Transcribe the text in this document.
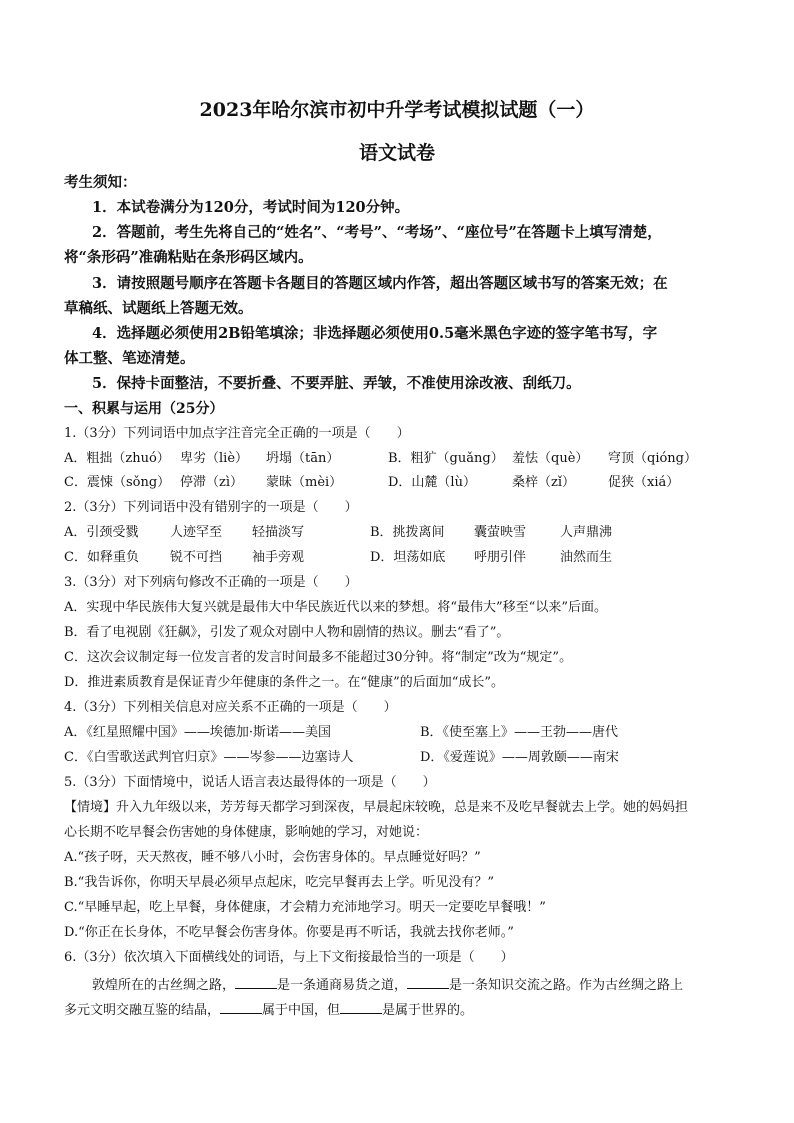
2023年哈尔滨市初中升学考试模拟试题（一）
语文试卷
考生须知：
1．本试卷满分为120分，考试时间为120分钟。
2．答题前，考生先将自己的“姓名”、“考号”、“考场”、“座位号”在答题卡上填写清楚，
将“条形码”准确粘贴在条形码区域内。
3．请按照题号顺序在答题卡各题目的答题区域内作答，超出答题区域书写的答案无效；在
草稿纸、试题纸上答题无效。
4．选择题必须使用2B铅笔填涂；非选择题必须使用0.5毫米黑色字迹的签字笔书写，字
体工整、笔迹清楚。
5．保持卡面整洁，不要折叠、不要弄脏、弄皱，不准使用涂改液、刮纸刀。
一、积累与运用（25分）
1.（3分）下列词语中加点字注音完全正确的一项是（　　）
A．粗拙（zhuó） 卑劣（liè） 坍塌（tān）	B．粗犷（guǎng） 羞怯（què） 穹顶（qióng）
C．震悚（sǒng） 停滞（zì） 蒙昧（mèi）	D．山麓（lù）	桑梓（zǐ）	促狭（xiá）
2.（3分）下列词语中没有错别字的一项是（　　）
A．引颈受戮 人迹罕至 轻描淡写	B．挑拨离间 囊萤映雪	人声鼎沸
C．如释重负 锐不可挡 袖手旁观	D．坦荡如底 呼朋引伴	油然而生
3.（3分）对下列病句修改不正确的一项是（　　）
A．实现中华民族伟大复兴就是最伟大中华民族近代以来的梦想。将“最伟大”移至“以来”后面。
B．看了电视剧《狂飙》，引发了观众对剧中人物和剧情的热议。删去“看了”。
C．这次会议制定每一位发言者的发言时间最多不能超过30分钟。将“制定”改为“规定”。
D．推进素质教育是保证青少年健康的条件之一。在“健康”的后面加“成长”。
4.（3分）下列相关信息对应关系不正确的一项是（　　）
A．《红星照耀中国》——埃德加·斯诺——美国	B．《使至塞上》——王勃——唐代
C．《白雪歌送武判官归京》——岑参——边塞诗人	D．《爱莲说》——周敦颐——南宋
5.（3分）下面情境中，说话人语言表达最得体的一项是（　　）
【情境】升入九年级以来，芳芳每天都学习到深夜，早晨起床较晚，总是来不及吃早餐就去上学。她的妈妈担
心长期不吃早餐会伤害她的身体健康，影响她的学习，对她说：
A.“孩子呀，天天熬夜，睡不够八小时，会伤害身体的。早点睡觉好吗？”
B.“我告诉你，你明天早晨必须早点起床，吃完早餐再去上学。听见没有？”
C.“早睡早起，吃上早餐，身体健康，才会精力充沛地学习。明天一定要吃早餐哦！”
D.“你正在长身体，不吃早餐会伤害身体。你要是再不听话，我就去找你老师。”
6.（3分）依次填入下面横线处的词语，与上下文衔接最恰当的一项是（　　）
敦煌所在的古丝绸之路，	是一条通商易货之道，	是一条知识交流之路。作为古丝绸之路上
多元文明交融互鉴的结晶，	属于中国，但	是属于世界的。
